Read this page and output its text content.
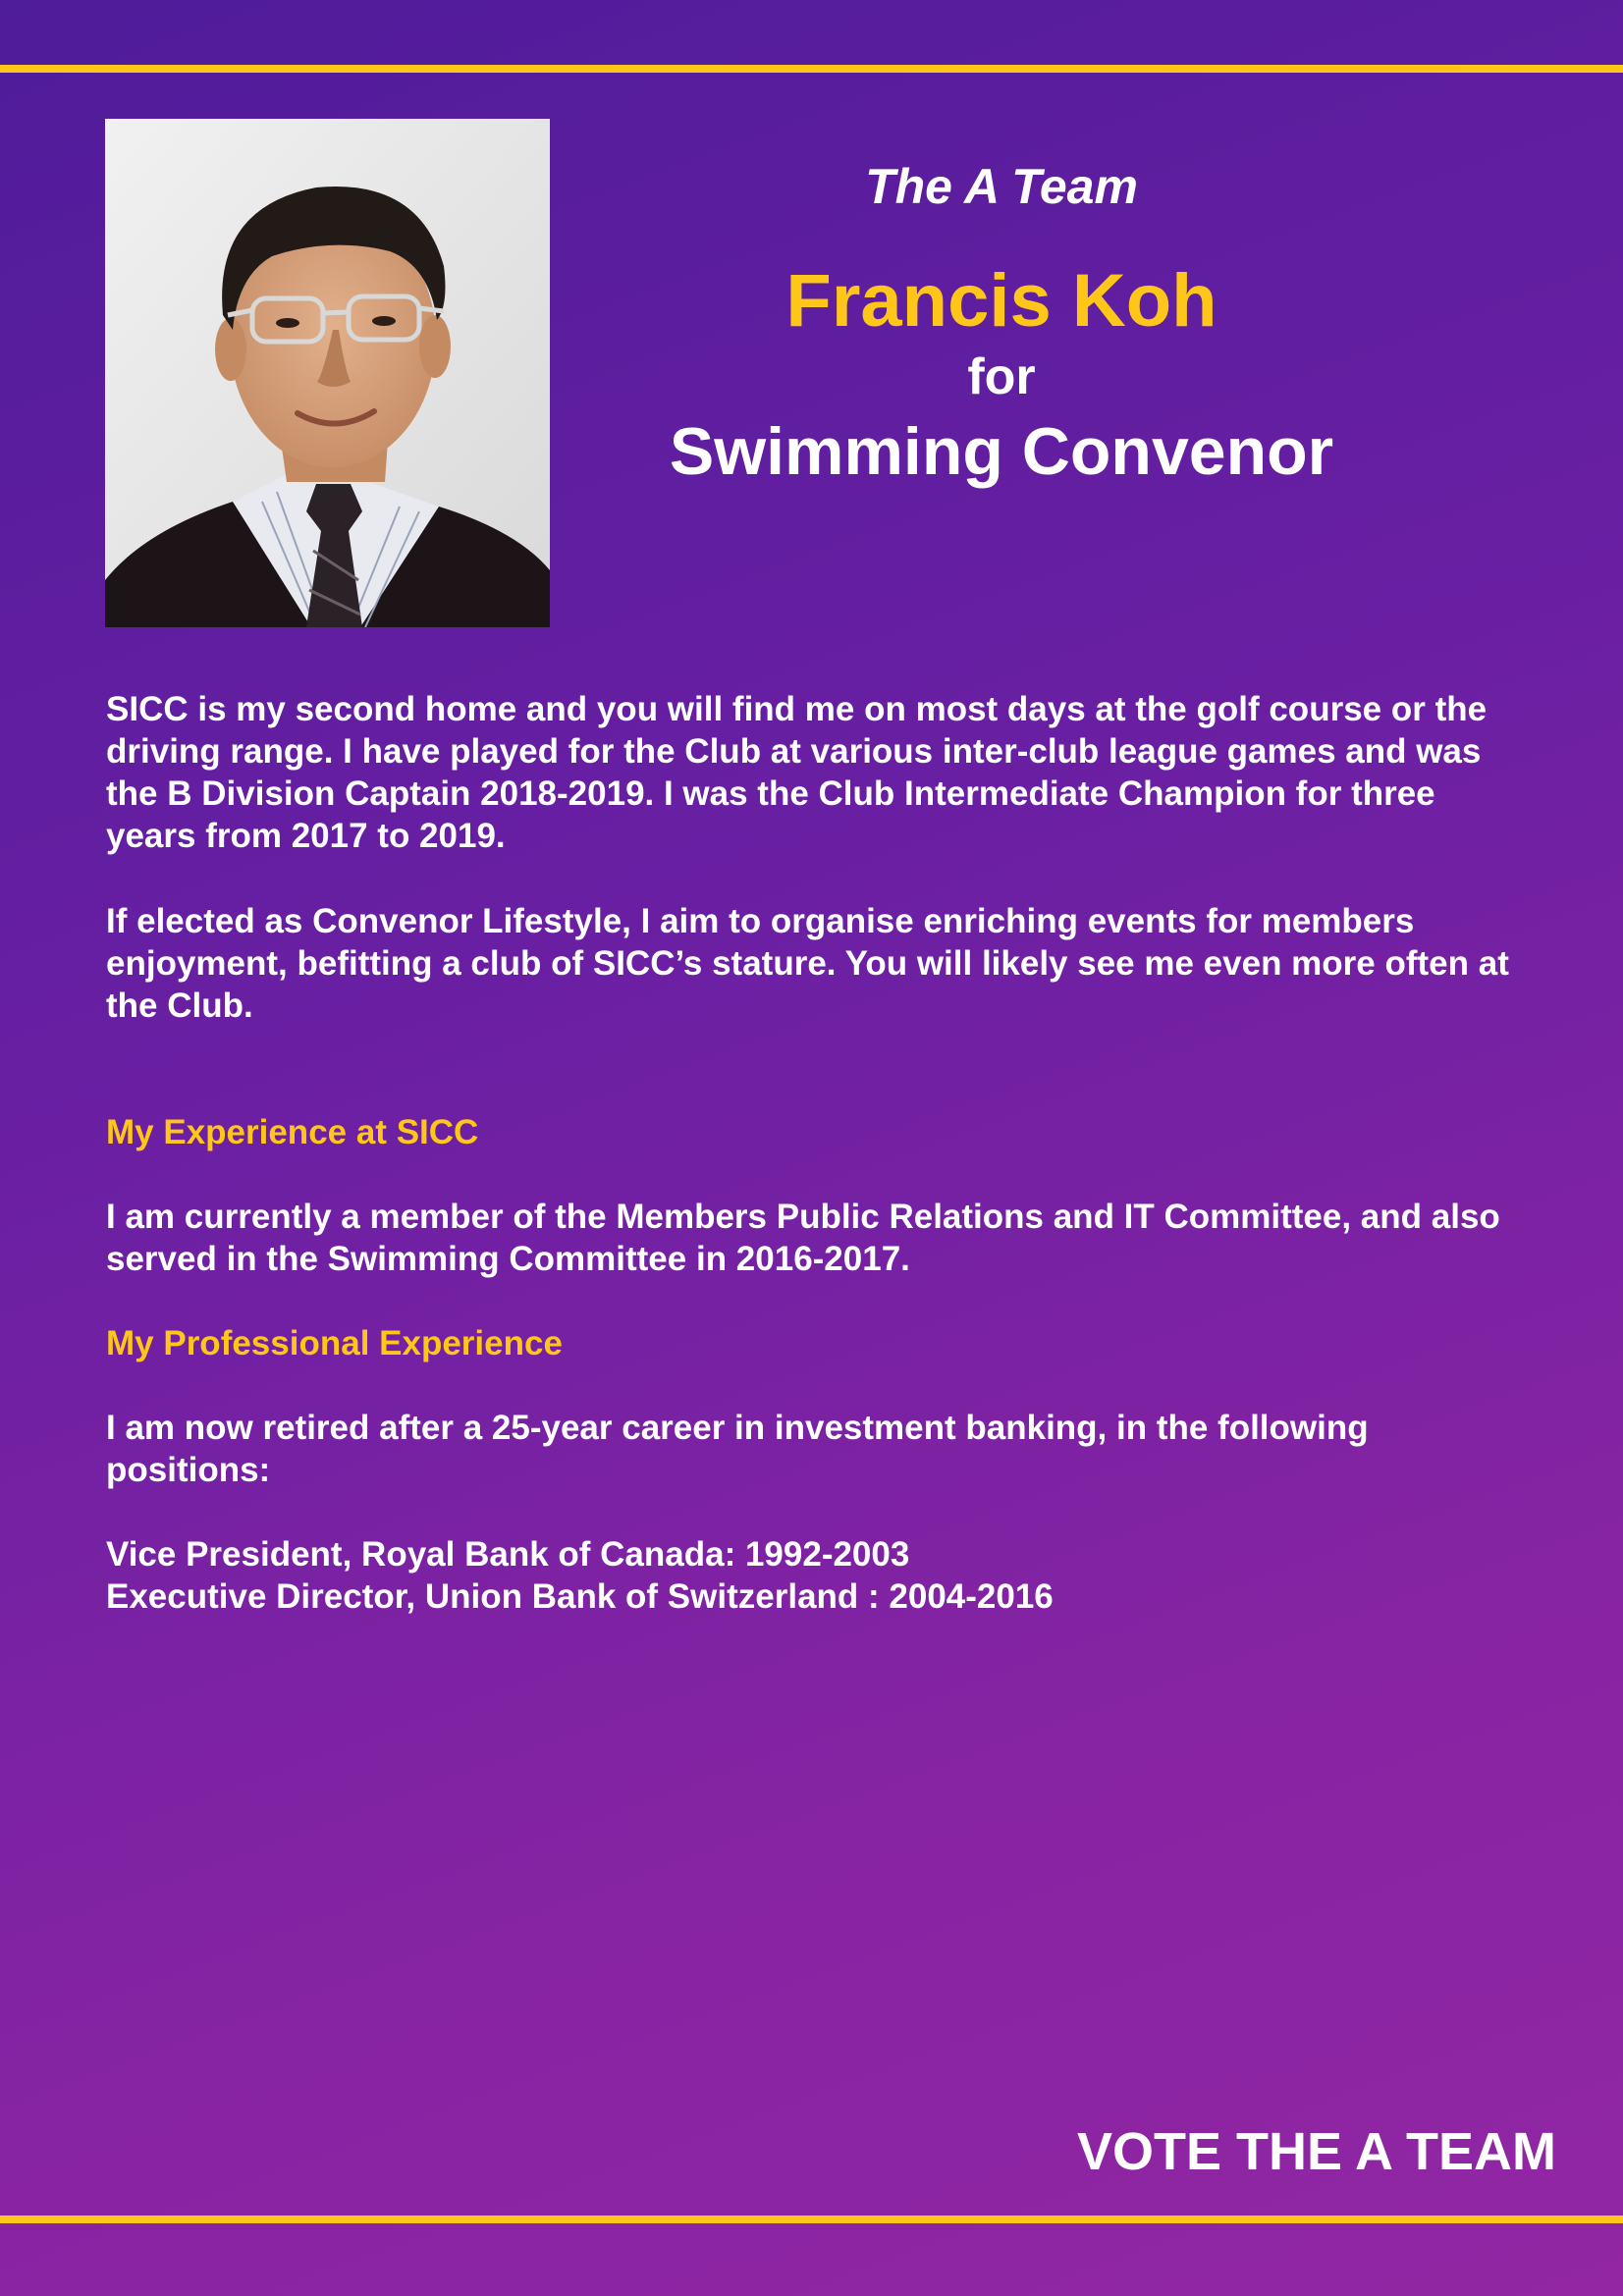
The A Team

Francis Koh

for

Swimming Convenor

SICC is my second home and you will find me on most days at the golf course or the driving range. I have played for the Club at various inter-club league games and was the B Division Captain 2018-2019. I was the Club Intermediate Champion for three years from 2017 to 2019.

If elected as Convenor Lifestyle, I aim to organise enriching events for members enjoyment, befitting a club of SICC’s stature. You will likely see me even more often at the Club.

My Experience at SICC

I am currently a member of the Members Public Relations and IT Committee, and also served in the Swimming Committee in 2016-2017.

My Professional Experience

I am now retired after a 25-year career in investment banking, in the following positions:

Vice President, Royal Bank of Canada: 1992-2003

Executive Director, Union Bank of Switzerland : 2004-2016

VOTE THE A TEAM
